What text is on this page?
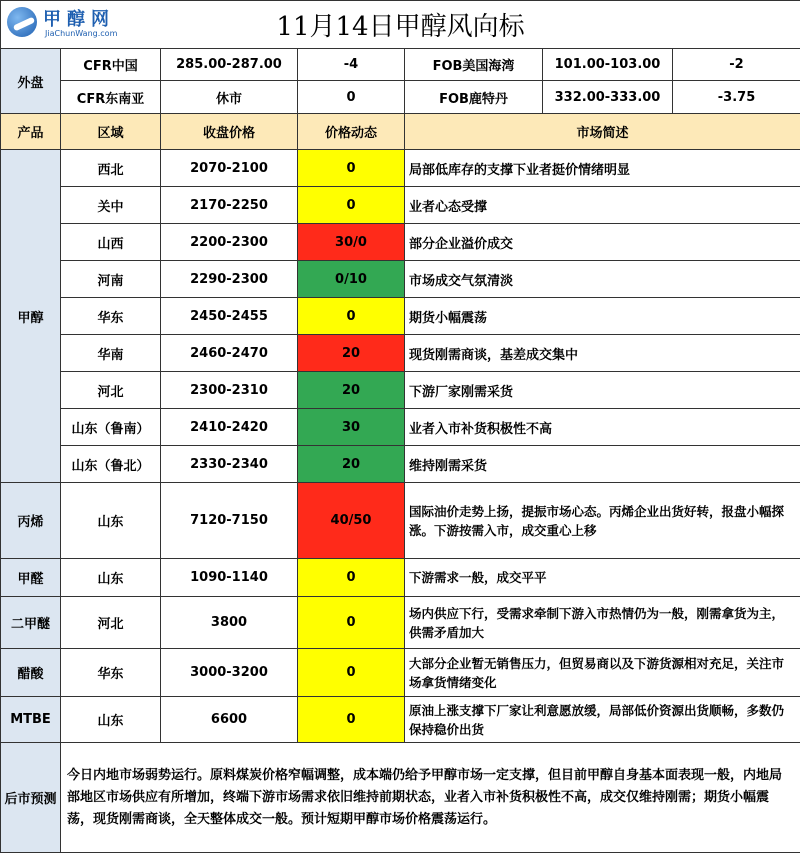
甲醇网
JiaChunWang.com 11月14日甲醇风向标						
外盘	CFR中国	285.00-287.00	-4	FOB美国海湾	101.00-103.00	-2
	CFR东南亚	休市	0	FOB鹿特丹	332.00-333.00	-3.75
产品	区域	收盘价格	价格动态	市场简述		
甲醇	西北	2070-2100	0	局部低库存的支撑下业者挺价情绪明显		
	关中	2170-2250	0	业者心态受撑		
	山西	2200-2300	30/0	部分企业溢价成交		
	河南	2290-2300	0/10	市场成交气氛清淡		
	华东	2450-2455	0	期货小幅震荡		
	华南	2460-2470	20	现货刚需商谈，基差成交集中		
	河北	2300-2310	20	下游厂家刚需采货		
	山东（鲁南）	2410-2420	30	业者入市补货积极性不高		
	山东（鲁北）	2330-2340	20	维持刚需采货		
丙烯	山东	7120-7150	40/50	国际油价走势上扬，提振市场心态。丙烯企业出货好转，报盘小幅探涨。下游按需入市，成交重心上移		
甲醛	山东	1090-1140	0	下游需求一般，成交平平		
二甲醚	河北	3800	0	场内供应下行，受需求牵制下游入市热情仍为一般，刚需拿货为主，供需矛盾加大		
醋酸	华东	3000-3200	0	大部分企业暂无销售压力，但贸易商以及下游货源相对充足，关注市场拿货情绪变化		
MTBE	山东	6600	0	原油上涨支撑下厂家让利意愿放缓，局部低价资源出货顺畅，多数仍保持稳价出货		
后市预测	今日内地市场弱势运行。原料煤炭价格窄幅调整，成本端仍给予甲醇市场一定支撑，但目前甲醇自身基本面表现一般，内地局部地区市场供应有所增加，终端下游市场需求依旧维持前期状态，业者入市补货积极性不高，成交仅维持刚需；期货小幅震荡，现货刚需商谈，全天整体成交一般。预计短期甲醇市场价格震荡运行。					
